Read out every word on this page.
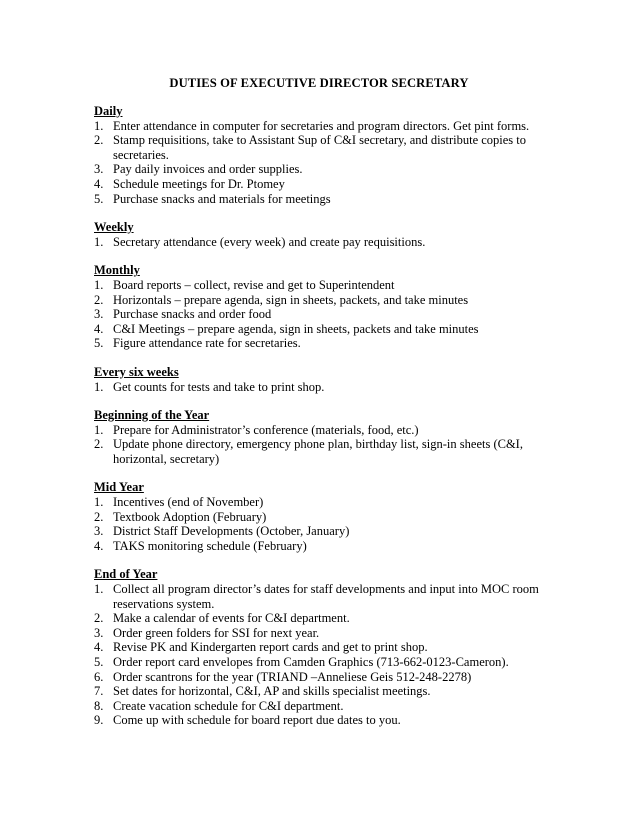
DUTIES OF EXECUTIVE DIRECTOR SECRETARY
Daily
1. Enter attendance in computer for secretaries and program directors. Get pint forms.
2. Stamp requisitions, take to Assistant Sup of C&I secretary, and distribute copies to secretaries.
3. Pay daily invoices and order supplies.
4. Schedule meetings for Dr. Ptomey
5. Purchase snacks and materials for meetings
Weekly
1. Secretary attendance (every week) and create pay requisitions.
Monthly
1. Board reports – collect, revise and get to Superintendent
2. Horizontals – prepare agenda, sign in sheets, packets, and take minutes
3. Purchase snacks and order food
4. C&I Meetings – prepare agenda, sign in sheets, packets and take minutes
5. Figure attendance rate for secretaries.
Every six weeks
1. Get counts for tests and take to print shop.
Beginning of the Year
1. Prepare for Administrator’s conference (materials, food, etc.)
2. Update phone directory, emergency phone plan, birthday list, sign-in sheets (C&I, horizontal, secretary)
Mid Year
1. Incentives (end of November)
2. Textbook Adoption (February)
3. District Staff Developments (October, January)
4. TAKS monitoring schedule (February)
End of Year
1. Collect all program director’s dates for staff developments and input into MOC room reservations system.
2. Make a calendar of events for C&I department.
3. Order green folders for SSI for next year.
4. Revise PK and Kindergarten report cards and get to print shop.
5. Order report card envelopes from Camden Graphics (713-662-0123-Cameron).
6. Order scantrons for the year (TRIAND –Anneliese Geis 512-248-2278)
7. Set dates for horizontal, C&I, AP and skills specialist meetings.
8. Create vacation schedule for C&I department.
9. Come up with schedule for board report due dates to you.
